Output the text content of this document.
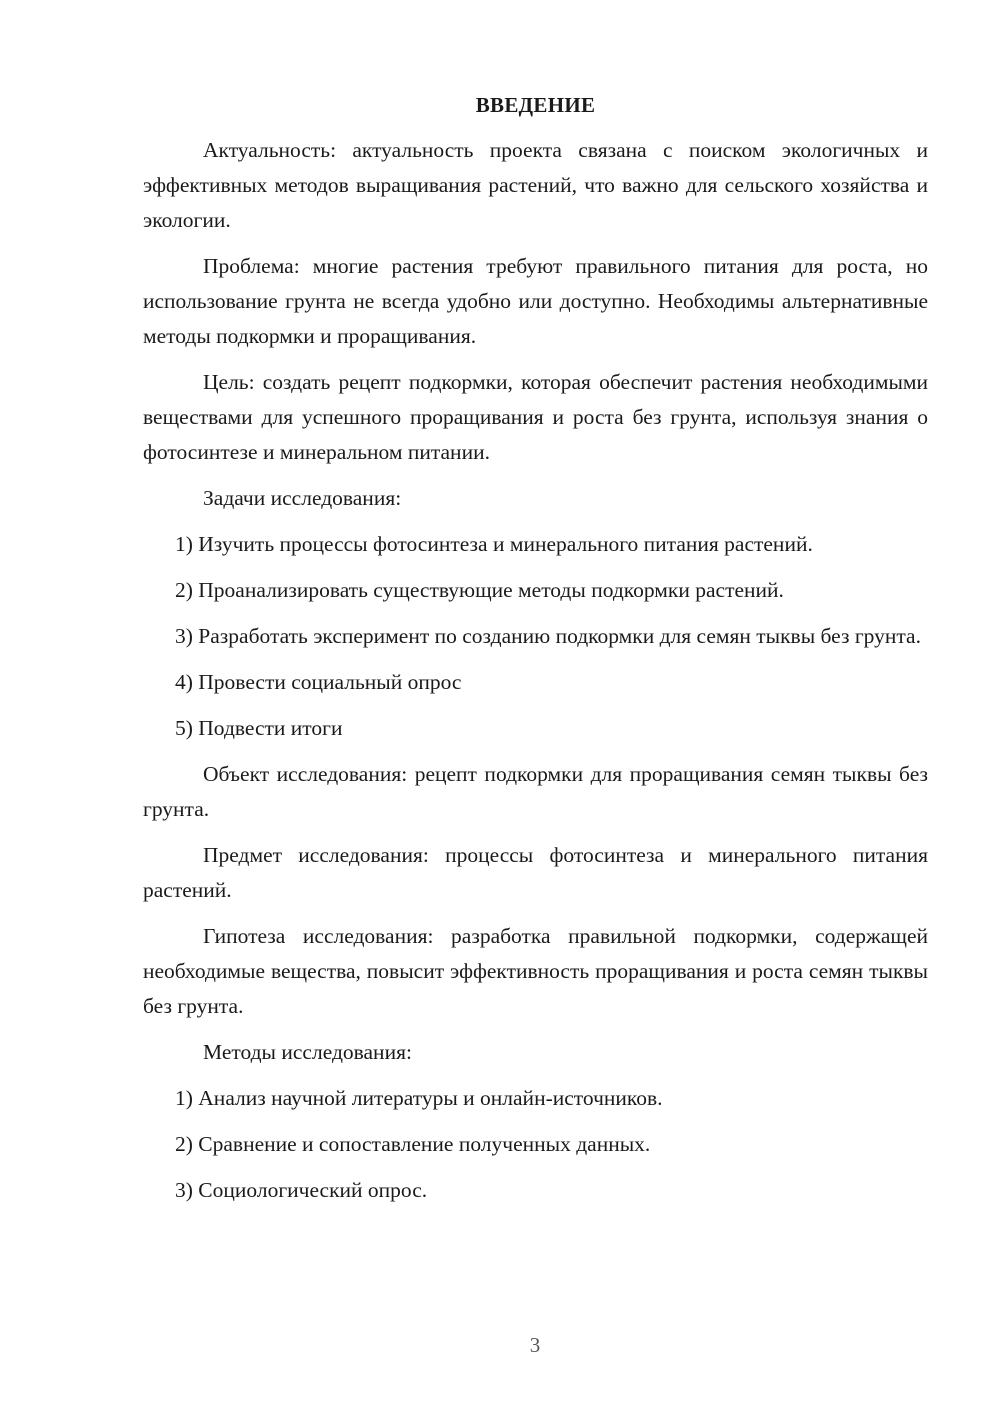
ВВЕДЕНИЕ
Актуальность: актуальность проекта связана с поиском экологичных и эффективных методов выращивания растений, что важно для сельского хозяйства и экологии.
Проблема: многие растения требуют правильного питания для роста, но использование грунта не всегда удобно или доступно. Необходимы альтернативные методы подкормки и проращивания.
Цель: создать рецепт подкормки, которая обеспечит растения необходимыми веществами для успешного проращивания и роста без грунта, используя знания о фотосинтезе и минеральном питании.
Задачи исследования:
1) Изучить процессы фотосинтеза и минерального питания растений.
2) Проанализировать существующие методы подкормки растений.
3) Разработать эксперимент по созданию подкормки для семян тыквы без грунта.
4) Провести социальный опрос
5) Подвести итоги
Объект исследования: рецепт подкормки для проращивания семян тыквы без грунта.
Предмет исследования: процессы фотосинтеза и минерального питания растений.
Гипотеза исследования: разработка правильной подкормки, содержащей необходимые вещества, повысит эффективность проращивания и роста семян тыквы без грунта.
Методы исследования:
1) Анализ научной литературы и онлайн-источников.
2) Сравнение и сопоставление полученных данных.
3) Социологический опрос.
3
